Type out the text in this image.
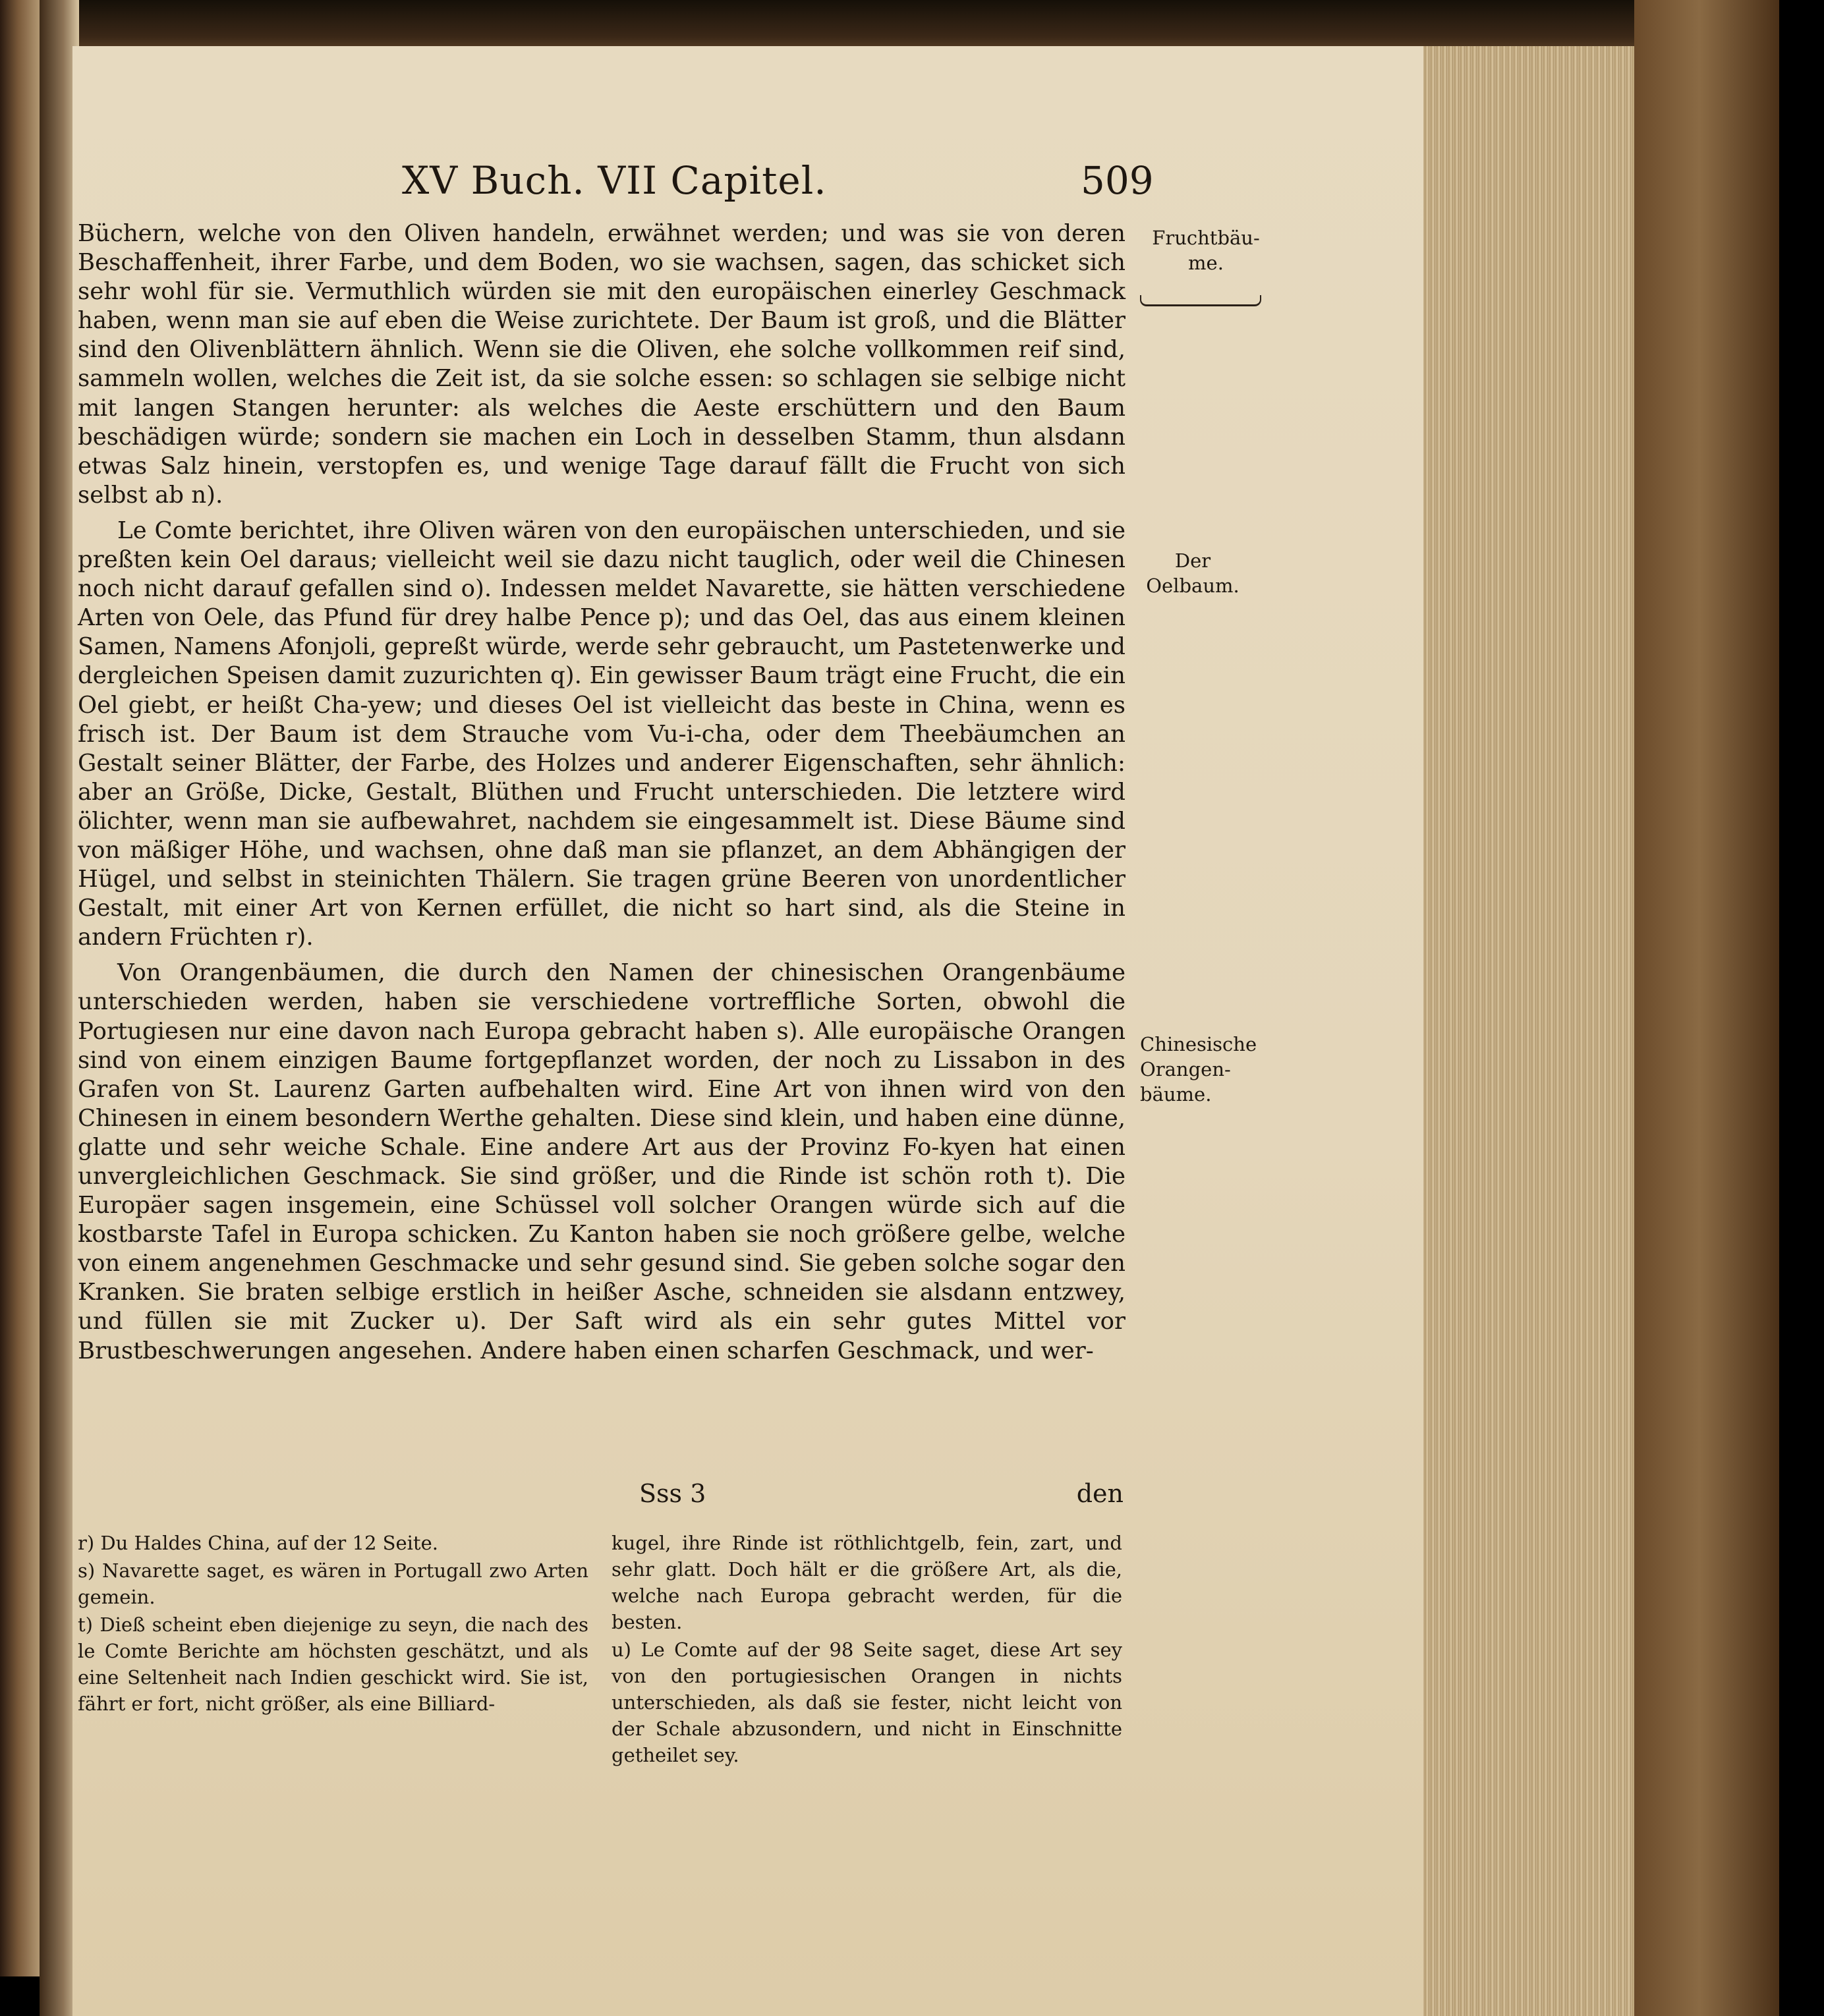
XV Buch. VII Capitel.	509

Büchern, welche von den Oliven handeln, erwähnet werden; und was sie von deren Beschaffenheit, ihrer Farbe, und dem Boden, wo sie wachsen, sagen, das schicket sich sehr wohl für sie. Vermuthlich würden sie mit den europäischen einerley Geschmack haben, wenn man sie auf eben die Weise zurichtete. Der Baum ist groß, und die Blätter sind den Olivenblättern ähnlich. Wenn sie die Oliven, ehe solche vollkommen reif sind, sammeln wollen, welches die Zeit ist, da sie solche essen: so schlagen sie selbige nicht mit langen Stangen herunter: als welches die Aeste erschüttern und den Baum beschädigen würde; sondern sie machen ein Loch in desselben Stamm, thun alsdann etwas Salz hinein, verstopfen es, und wenige Tage darauf fällt die Frucht von sich selbst ab n).

Le Comte berichtet, ihre Oliven wären von den europäischen unterschieden, und sie preßten kein Oel daraus; vielleicht weil sie dazu nicht tauglich, oder weil die Chinesen noch nicht darauf gefallen sind o). Indessen meldet Navarette, sie hätten verschiedene Arten von Oele, das Pfund für drey halbe Pence p); und das Oel, das aus einem kleinen Samen, Namens Afonjoli, gepreßt würde, werde sehr gebraucht, um Pastetenwerke und dergleichen Speisen damit zuzurichten q). Ein gewisser Baum trägt eine Frucht, die ein Oel giebt, er heißt Cha-yew; und dieses Oel ist vielleicht das beste in China, wenn es frisch ist. Der Baum ist dem Strauche vom Vu-i-cha, oder dem Theebäumchen an Gestalt seiner Blätter, der Farbe, des Holzes und anderer Eigenschaften, sehr ähnlich: aber an Größe, Dicke, Gestalt, Blüthen und Frucht unterschieden. Die letztere wird ölichter, wenn man sie aufbewahret, nachdem sie eingesammelt ist. Diese Bäume sind von mäßiger Höhe, und wachsen, ohne daß man sie pflanzet, an dem Abhängigen der Hügel, und selbst in steinichten Thälern. Sie tragen grüne Beeren von unordentlicher Gestalt, mit einer Art von Kernen erfüllet, die nicht so hart sind, als die Steine in andern Früchten r).

Von Orangenbäumen, die durch den Namen der chinesischen Orangenbäume unterschieden werden, haben sie verschiedene vortreffliche Sorten, obwohl die Portugiesen nur eine davon nach Europa gebracht haben s). Alle europäische Orangen sind von einem einzigen Baume fortgepflanzet worden, der noch zu Lissabon in des Grafen von St. Laurenz Garten aufbehalten wird. Eine Art von ihnen wird von den Chinesen in einem besondern Werthe gehalten. Diese sind klein, und haben eine dünne, glatte und sehr weiche Schale. Eine andere Art aus der Provinz Fo-kyen hat einen unvergleichlichen Geschmack. Sie sind größer, und die Rinde ist schön roth t). Die Europäer sagen insgemein, eine Schüssel voll solcher Orangen würde sich auf die kostbarste Tafel in Europa schicken. Zu Kanton haben sie noch größere gelbe, welche von einem angenehmen Geschmacke und sehr gesund sind. Sie geben solche sogar den Kranken. Sie braten selbige erstlich in heißer Asche, schneiden sie alsdann entzwey, und füllen sie mit Zucker u). Der Saft wird als ein sehr gutes Mittel vor Brustbeschwerungen angesehen. Andere haben einen scharfen Geschmack, und wer-

Fruchtbäu-
me.
Der
Oelbaum.
Chinesische
Orangen-
bäume.
Sss 3	den

r) Du Haldes China, auf der 12 Seite.

s) Navarette saget, es wären in Portugall zwo Arten gemein.

t) Dieß scheint eben diejenige zu seyn, die nach des le Comte Berichte am höchsten geschätzt, und als eine Seltenheit nach Indien geschickt wird. Sie ist, fährt er fort, nicht größer, als eine Billiard-

kugel, ihre Rinde ist röthlichtgelb, fein, zart, und sehr glatt. Doch hält er die größere Art, als die, welche nach Europa gebracht werden, für die besten.

u) Le Comte auf der 98 Seite saget, diese Art sey von den portugiesischen Orangen in nichts unterschieden, als daß sie fester, nicht leicht von der Schale abzusondern, und nicht in Einschnitte getheilet sey.
